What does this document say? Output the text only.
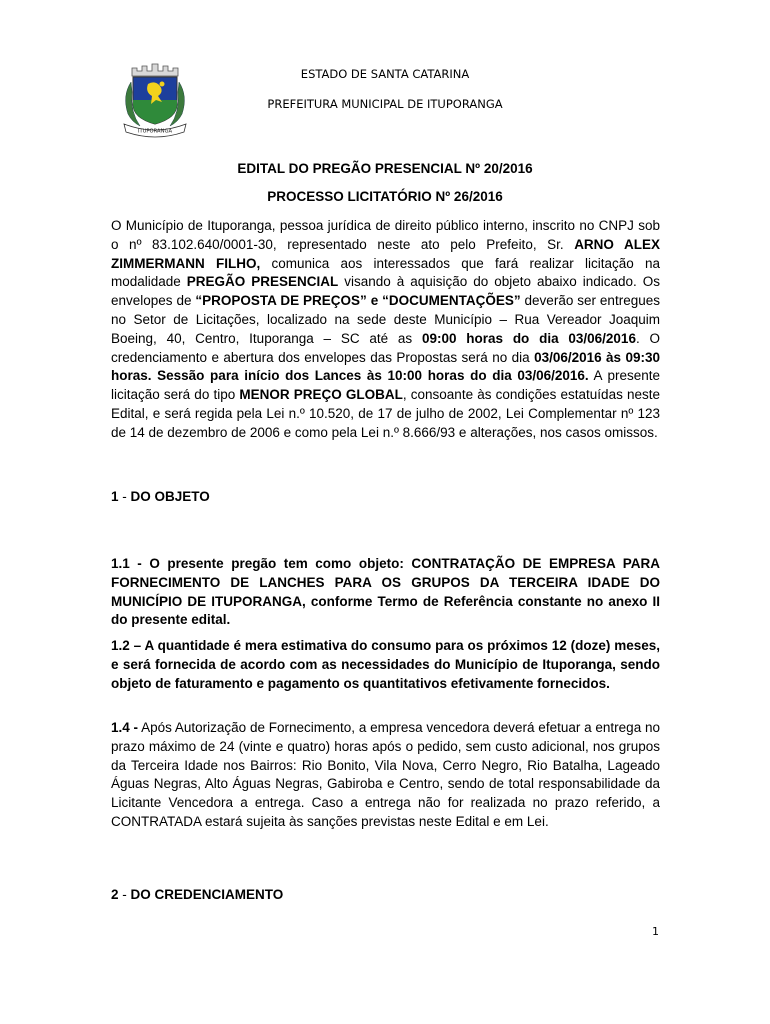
ITUPORANGA
ESTADO DE SANTA CATARINA
PREFEITURA MUNICIPAL DE ITUPORANGA
EDITAL DO PREGÃO PRESENCIAL Nº 20/2016
PROCESSO LICITATÓRIO Nº 26/2016

O Município de Ituporanga, pessoa jurídica de direito público interno, inscrito no CNPJ sob o nº 83.102.640/0001-30, representado neste ato pelo Prefeito, Sr. ARNO ALEX ZIMMERMANN FILHO, comunica aos interessados que fará realizar licitação na modalidade PREGÃO PRESENCIAL visando à aquisição do objeto abaixo indicado. Os envelopes de “PROPOSTA DE PREÇOS” e “DOCUMENTAÇÕES” deverão ser entregues no Setor de Licitações, localizado na sede deste Município – Rua Vereador Joaquim Boeing, 40, Centro, Ituporanga – SC até as 09:00 horas do dia 03/06/2016. O credenciamento e abertura dos envelopes das Propostas será no dia 03/06/2016 às 09:30 horas. Sessão para início dos Lances às 10:00 horas do dia 03/06/2016. A presente licitação será do tipo MENOR PREÇO GLOBAL, consoante às condições estatuídas neste Edital, e será regida pela Lei n.º 10.520, de 17 de julho de 2002, Lei Complementar nº 123 de 14 de dezembro de 2006 e como pela Lei n.º 8.666/93 e alterações, nos casos omissos.

1 - DO OBJETO

1.1 - O presente pregão tem como objeto: CONTRATAÇÃO DE EMPRESA PARA FORNECIMENTO DE LANCHES PARA OS GRUPOS DA TERCEIRA IDADE DO MUNICÍPIO DE ITUPORANGA, conforme Termo de Referência constante no anexo II do presente edital.

1.2 – A quantidade é mera estimativa do consumo para os próximos 12 (doze) meses, e será fornecida de acordo com as necessidades do Município de Ituporanga, sendo objeto de faturamento e pagamento os quantitativos efetivamente fornecidos.

1.4 - Após Autorização de Fornecimento, a empresa vencedora deverá efetuar a entrega no prazo máximo de 24 (vinte e quatro) horas após o pedido, sem custo adicional, nos grupos da Terceira Idade nos Bairros: Rio Bonito, Vila Nova, Cerro Negro, Rio Batalha, Lageado Águas Negras, Alto Águas Negras, Gabiroba e Centro, sendo de total responsabilidade da Licitante Vencedora a entrega. Caso a entrega não for realizada no prazo referido, a CONTRATADA estará sujeita às sanções previstas neste Edital e em Lei.

2 - DO CREDENCIAMENTO

1
